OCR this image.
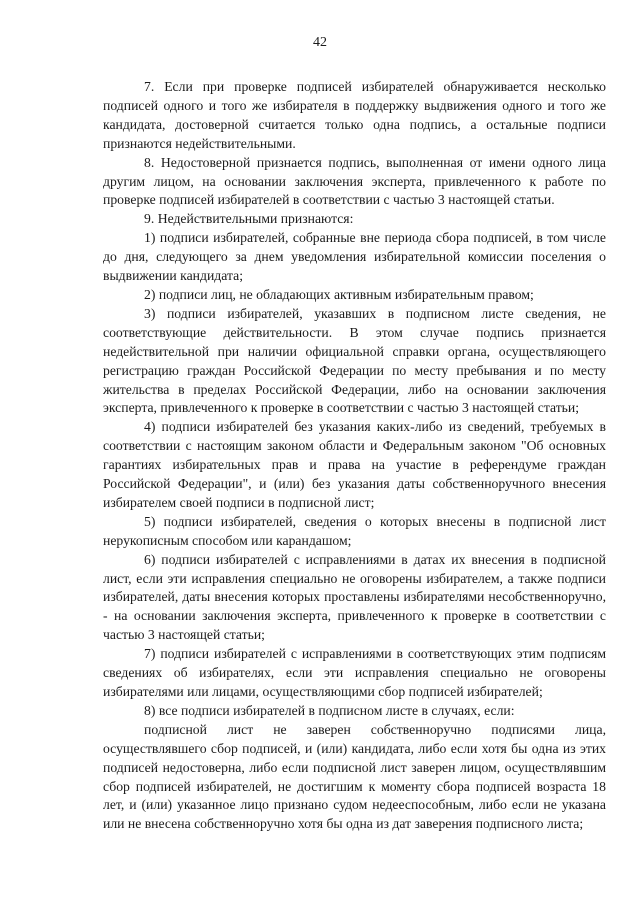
42

7. Если при проверке подписей избирателей обнаруживается несколько подписей одного и того же избирателя в поддержку выдвижения одного и того же кандидата, достоверной считается только одна подпись, а остальные подписи признаются недействительными.

8. Недостоверной признается подпись, выполненная от имени одного лица другим лицом, на основании заключения эксперта, привлеченного к работе по проверке подписей избирателей в соответствии с частью 3 настоящей статьи.

9. Недействительными признаются:

1) подписи избирателей, собранные вне периода сбора подписей, в том числе до дня, следующего за днем уведомления избирательной комиссии поселения о выдвижении кандидата;

2) подписи лиц, не обладающих активным избирательным правом;

3) подписи избирателей, указавших в подписном листе сведения, не соответствующие действительности. В этом случае подпись признается недействительной при наличии официальной справки органа, осуществляющего регистрацию граждан Российской Федерации по месту пребывания и по месту жительства в пределах Российской Федерации, либо на основании заключения эксперта, привлеченного к проверке в соответствии с частью 3 настоящей статьи;

4) подписи избирателей без указания каких-либо из сведений, требуемых в соответствии с настоящим законом области и Федеральным законом "Об основных гарантиях избирательных прав и права на участие в референдуме граждан Российской Федерации", и (или) без указания даты собственноручного внесения избирателем своей подписи в подписной лист;

5) подписи избирателей, сведения о которых внесены в подписной лист нерукописным способом или карандашом;

6) подписи избирателей с исправлениями в датах их внесения в подписной лист, если эти исправления специально не оговорены избирателем, а также подписи избирателей, даты внесения которых проставлены избирателями несобственноручно, - на основании заключения эксперта, привлеченного к проверке в соответствии с частью 3 настоящей статьи;

7) подписи избирателей с исправлениями в соответствующих этим подписям сведениях об избирателях, если эти исправления специально не оговорены избирателями или лицами, осуществляющими сбор подписей избирателей;

8) все подписи избирателей в подписном листе в случаях, если:

подписной лист не заверен собственноручно подписями лица, осуществлявшего сбор подписей, и (или) кандидата, либо если хотя бы одна из этих подписей недостоверна, либо если подписной лист заверен лицом, осуществлявшим сбор подписей избирателей, не достигшим к моменту сбора подписей возраста 18 лет, и (или) указанное лицо признано судом недееспособным, либо если не указана или не внесена собственноручно хотя бы одна из дат заверения подписного листа;
